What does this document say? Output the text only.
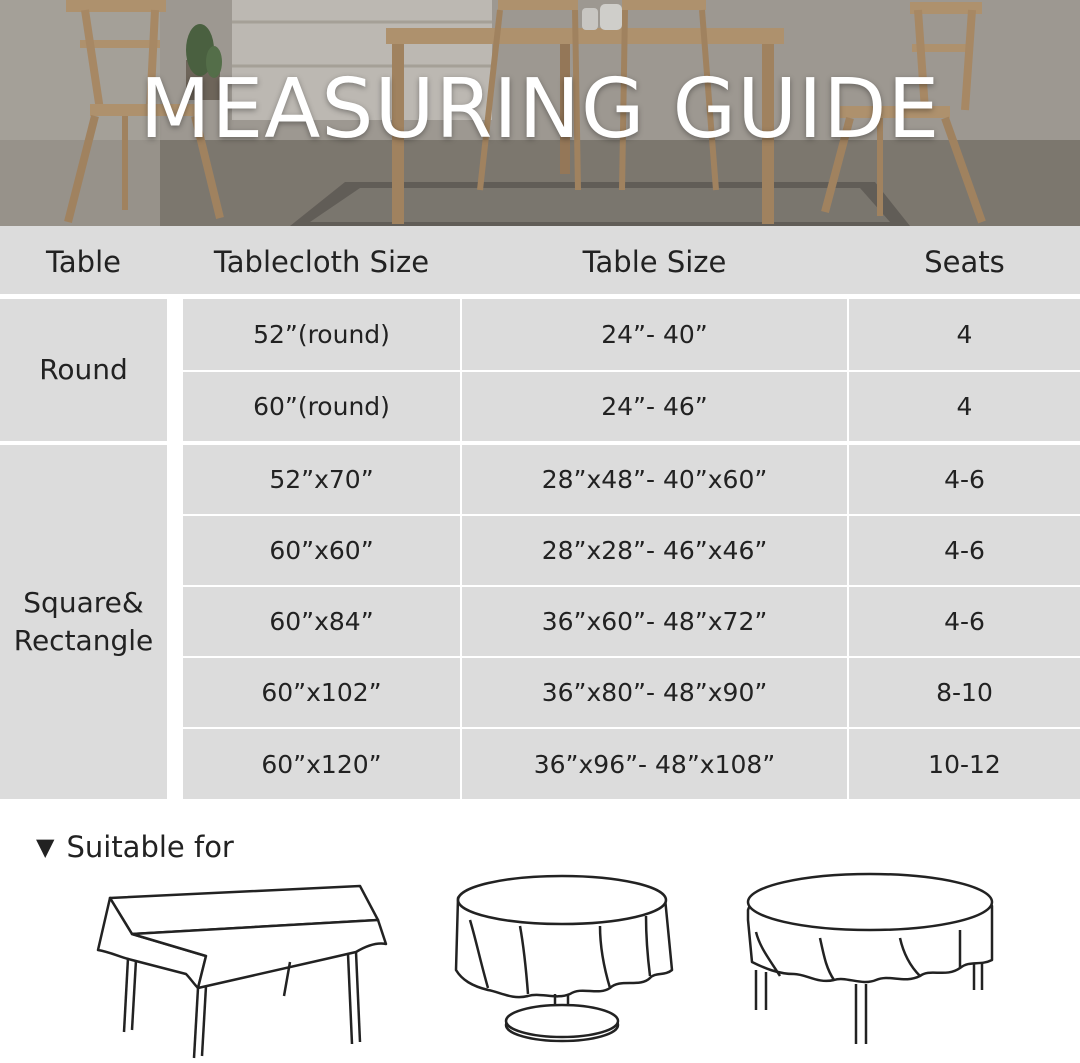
MEASURING GUIDE
Table	Tablecloth Size	Table Size	Seats
Round
52”(round)	24”- 40”	4
60”(round)	24”- 46”	4
Square&
Rectangle
52”x70”	28”x48”- 40”x60”	4-6
60”x60”	28”x28”- 46”x46”	4-6
60”x84”	36”x60”- 48”x72”	4-6
60”x102”	36”x80”- 48”x90”	8-10
60”x120”	36”x96”- 48”x108”	10-12
▼ Suitable for
